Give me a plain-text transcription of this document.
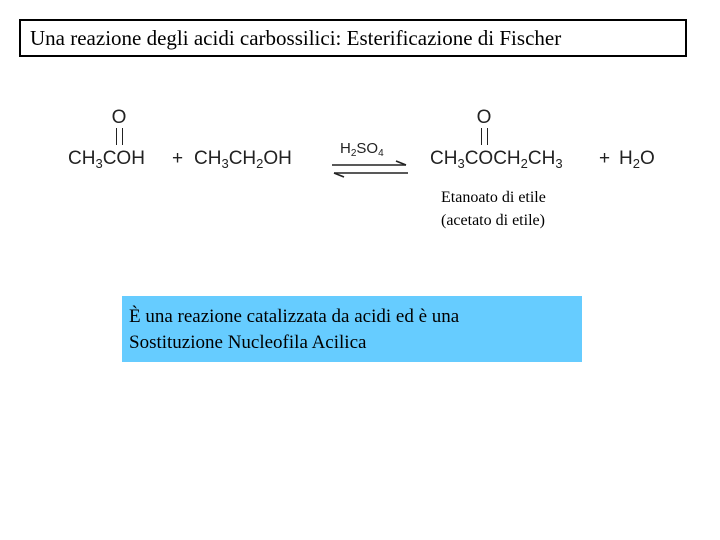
Una reazione degli acidi carbossilici: Esterificazione di Fischer
O
$CH_3COH + CH_3CH_2OH$	$H_2SO_4$
O
$CH_3COCH_2CH_3 + H_2O$
Etanoato di etile
(acetato di etile)
È una reazione catalizzata da acidi ed è una
Sostituzione Nucleofila Acilica
